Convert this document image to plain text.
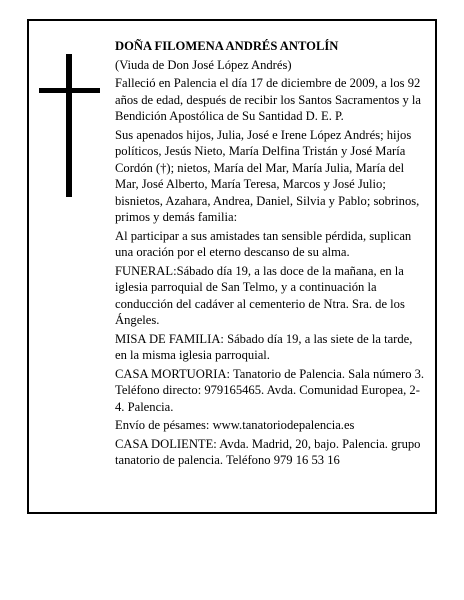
DOÑA FILOMENA ANDRÉS ANTOLÍN

(Viuda de Don José López Andrés)

Falleció en Palencia el día 17 de diciembre de 2009, a los 92 años de edad, después de recibir los Santos Sacramentos y la Bendición Apostólica de Su Santidad D. E. P.

Sus apenados hijos, Julia, José e Irene López Andrés; hijos políticos, Jesús Nieto, María Delfina Tristán y José María Cordón (†); nietos, María del Mar, María Julia, María del Mar, José Alberto, María Teresa, Marcos y José Julio; bisnietos, Azahara, Andrea, Daniel, Silvia y Pablo; sobrinos, primos y demás familia:

Al participar a sus amistades tan sensible pérdida, suplican una oración por el eterno descanso de su alma.

FUNERAL:Sábado día 19, a las doce de la mañana, en la iglesia parroquial de San Telmo, y a continuación la conducción del cadáver al cementerio de Ntra. Sra. de los Ángeles.

MISA DE FAMILIA: Sábado día 19, a las siete de la tarde, en la misma iglesia parroquial.

CASA MORTUORIA: Tanatorio de Palencia. Sala número 3. Teléfono directo: 979165465. Avda. Comunidad Europea, 2-4. Palencia.

Envío de pésames: www.tanatoriodepalencia.es

CASA DOLIENTE: Avda. Madrid, 20, bajo. Palencia. grupo tanatorio de palencia. Teléfono 979 16 53 16
